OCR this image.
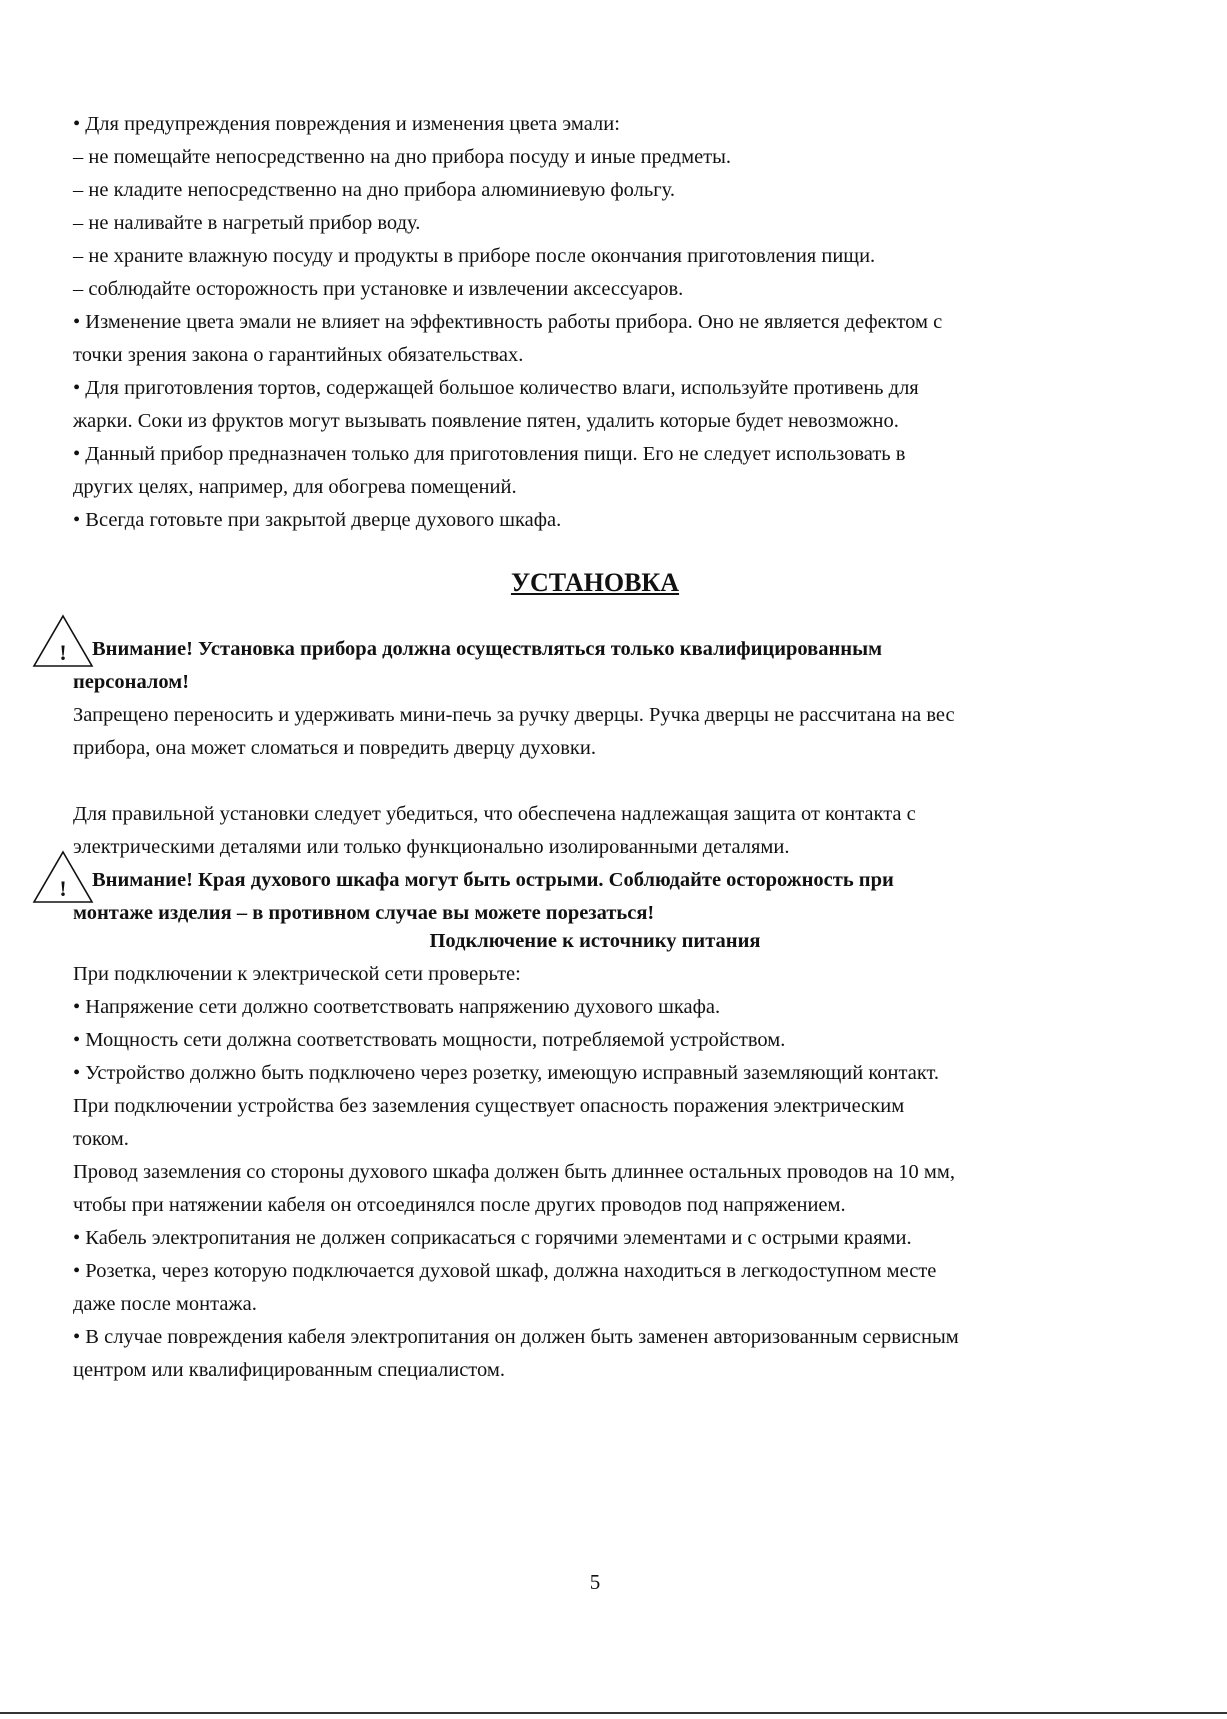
• Для предупреждения повреждения и изменения цвета эмали:

– не помещайте непосредственно на дно прибора посуду и иные предметы.

– не кладите непосредственно на дно прибора алюминиевую фольгу.

– не наливайте в нагретый прибор воду.

– не храните влажную посуду и продукты в приборе после окончания приготовления пищи.

– соблюдайте осторожность при установке и извлечении аксессуаров.

• Изменение цвета эмали не влияет на эффективность работы прибора. Оно не является дефектом с

точки зрения закона о гарантийных обязательствах.

• Для приготовления тортов, содержащей большое количество влаги, используйте противень для

жарки. Соки из фруктов могут вызывать появление пятен, удалить которые будет невозможно.

• Данный прибор предназначен только для приготовления пищи. Его не следует использовать в

других целях, например, для обогрева помещений.

• Всегда готовьте при закрытой дверце духового шкафа.

УСТАНОВКА
! Внимание! Установка прибора должна осуществляться только квалифицированным

персоналом!

Запрещено переносить и удерживать мини-печь за ручку дверцы. Ручка дверцы не рассчитана на вес

прибора, она может сломаться и повредить дверцу духовки.

Для правильной установки следует убедиться, что обеспечена надлежащая защита от контакта с

электрическими деталями или только функционально изолированными деталями.

! Внимание! Края духового шкафа могут быть острыми. Соблюдайте осторожность при

монтаже изделия – в противном случае вы можете порезаться!

Подключение к источнику питания

При подключении к электрической сети проверьте:

• Напряжение сети должно соответствовать напряжению духового шкафа.

• Мощность сети должна соответствовать мощности, потребляемой устройством.

• Устройство должно быть подключено через розетку, имеющую исправный заземляющий контакт.

При подключении устройства без заземления существует опасность поражения электрическим

током.

Провод заземления со стороны духового шкафа должен быть длиннее остальных проводов на 10 мм,

чтобы при натяжении кабеля он отсоединялся после других проводов под напряжением.

• Кабель электропитания не должен соприкасаться с горячими элементами и с острыми краями.

• Розетка, через которую подключается духовой шкаф, должна находиться в легкодоступном месте

даже после монтажа.

• В случае повреждения кабеля электропитания он должен быть заменен авторизованным сервисным

центром или квалифицированным специалистом.

5
